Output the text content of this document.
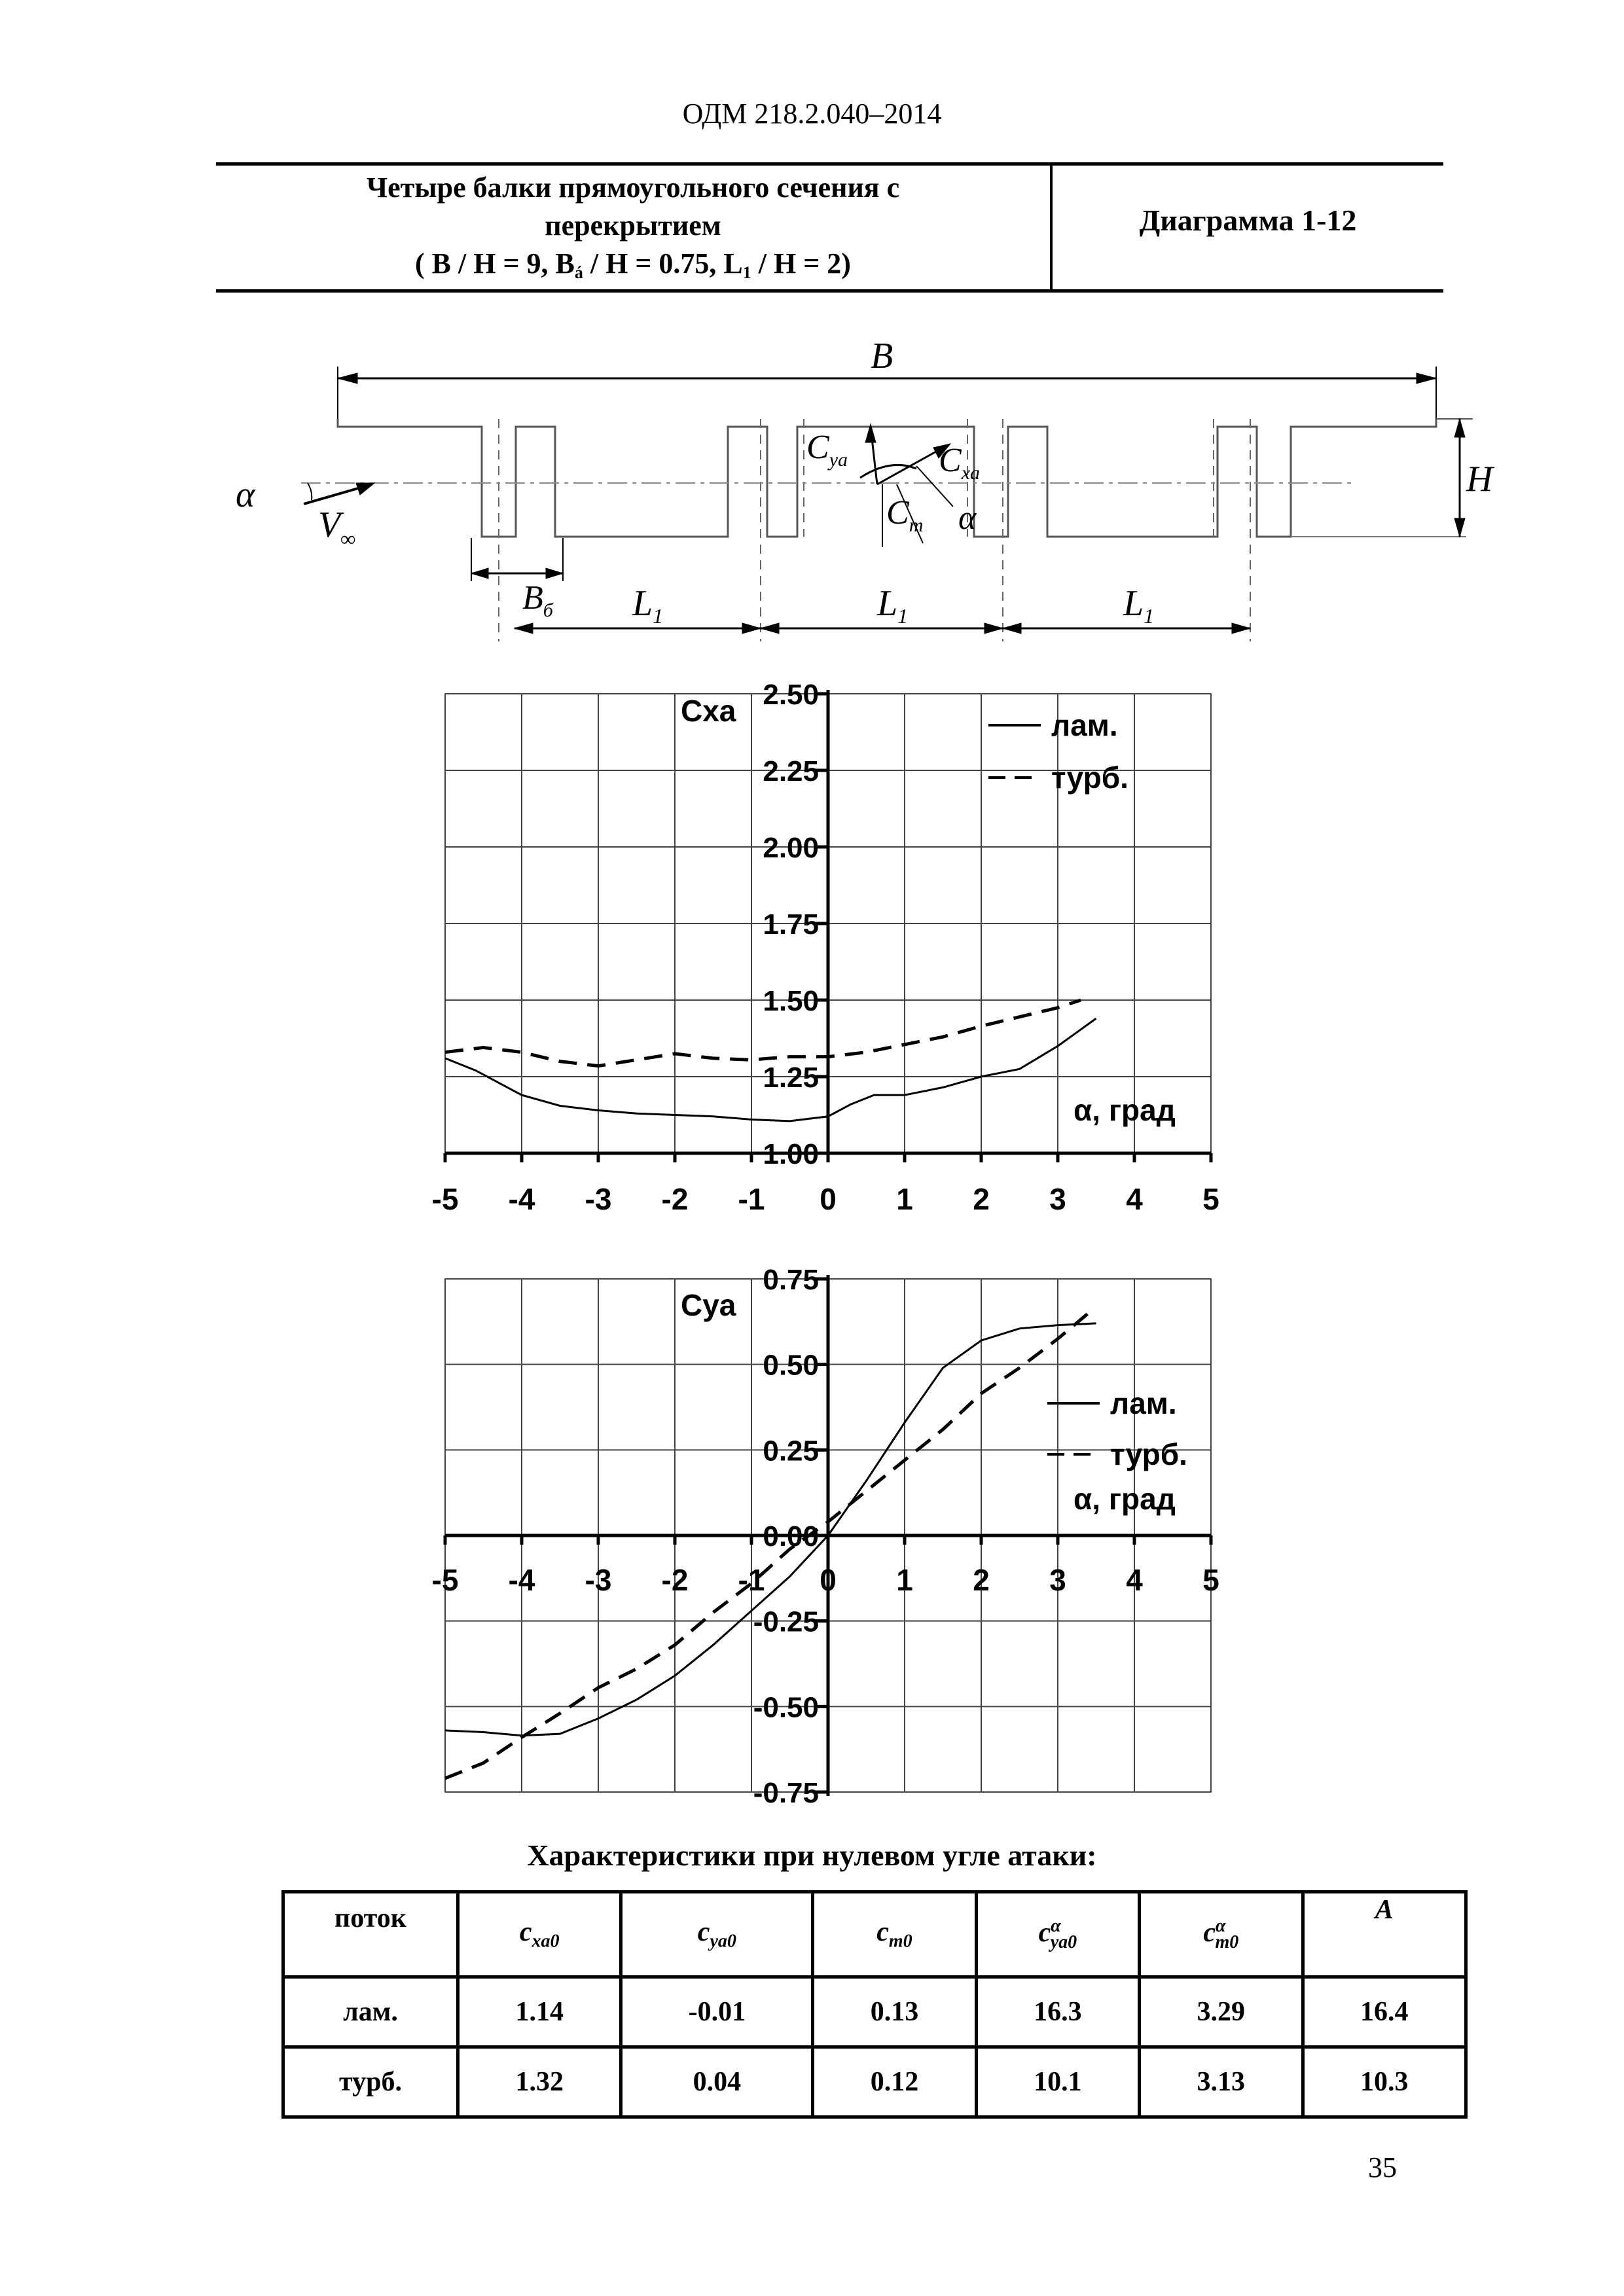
ОДМ 218.2.040–2014
Четыре балки прямоугольного сечения с
перекрытием
( B / H = 9, $B_á / H = 0.75$, $L_1 / H = 2$)
Диаграмма 1-12
B
H
α
$V_\infty$
$C_{ya}$	$C_{xa}$
$C_m$ α
$B_б$ $L_1$	$L_1$	$L_1$
1.00
1.25
1.50
1.75
2.00
2.25
2.50
-5 -4 -3 -2 -1 0 1 2 3 4 5
Cxa
α, град
лам.
турб.
-0.75
-0.50
-0.25
0.00
0.25
0.50
0.75
-5 -4 -3 -2 -1 0 1 2 3 4 5
Cya
α, град
лам.
турб.
Характеристики при нулевом угле атаки:
поток	$c_{xa0}$	$c_{ya0}$	$c_{m0}$	$c^\alpha_{ya0}$	$c^\alpha_{m0}$	A
лам.	1.14	-0.01	0.13	16.3	3.29	16.4
турб.	1.32	0.04	0.12	10.1	3.13	10.3
35
